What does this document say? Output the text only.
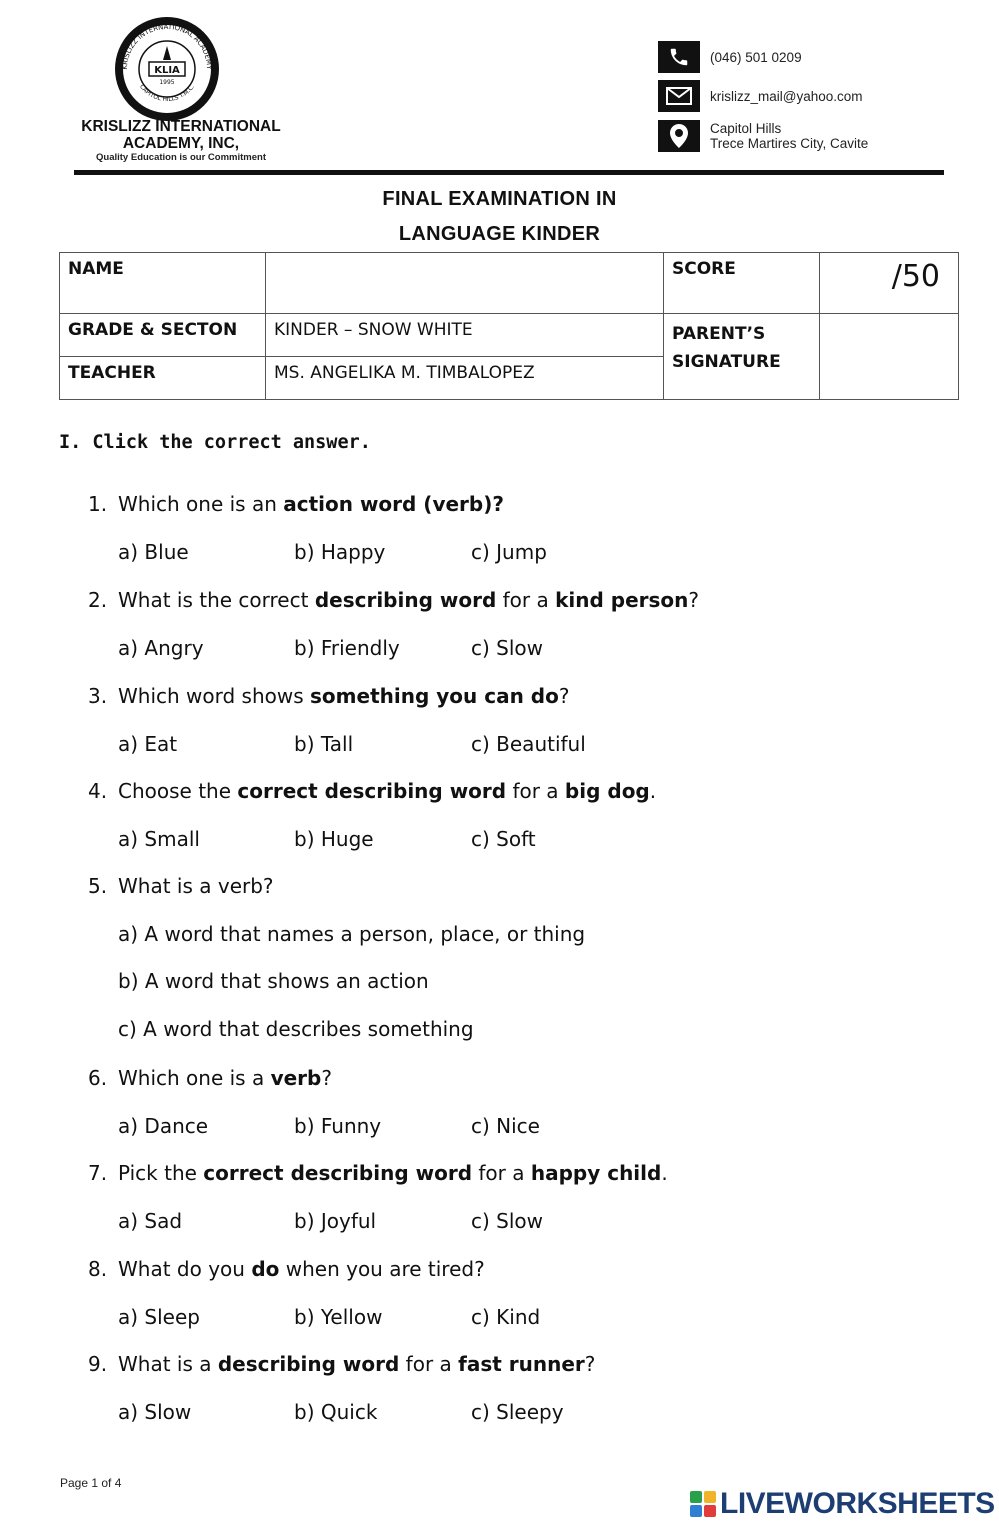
KRISLIZZ INTERNATIONAL ACADEMY
CAPITOL HILLS T.M.C.
KLIA
1995
KRISLIZZ INTERNATIONAL
ACADEMY, INC,
Quality Education is our Commitment
(046) 501 0209
krislizz_mail@yahoo.com
Capitol Hills
Trece Martires City, Cavite
FINAL EXAMINATION IN
LANGUAGE KINDER
NAME		SCORE	/50
GRADE & SECTON	KINDER – SNOW WHITE	PARENT’S SIGNATURE	
TEACHER	MS. ANGELIKA M. TIMBALOPEZ		
I. Click the correct answer.
1. Which one is an action word (verb)?
a) Blue	b) Happy	c) Jump
2. What is the correct describing word for a kind person?
a) Angry	b) Friendly	c) Slow
3. Which word shows something you can do?
a) Eat	b) Tall	c) Beautiful
4. Choose the correct describing word for a big dog.
a) Small	b) Huge	c) Soft
5. What is a verb?
a) A word that names a person, place, or thing
b) A word that shows an action
c) A word that describes something
6. Which one is a verb?
a) Dance	b) Funny	c) Nice
7. Pick the correct describing word for a happy child.
a) Sad	b) Joyful	c) Slow
8. What do you do when you are tired?
a) Sleep	b) Yellow	c) Kind
9. What is a describing word for a fast runner?
a) Slow	b) Quick	c) Sleepy
Page 1 of 4
LIVEWORKSHEETS
